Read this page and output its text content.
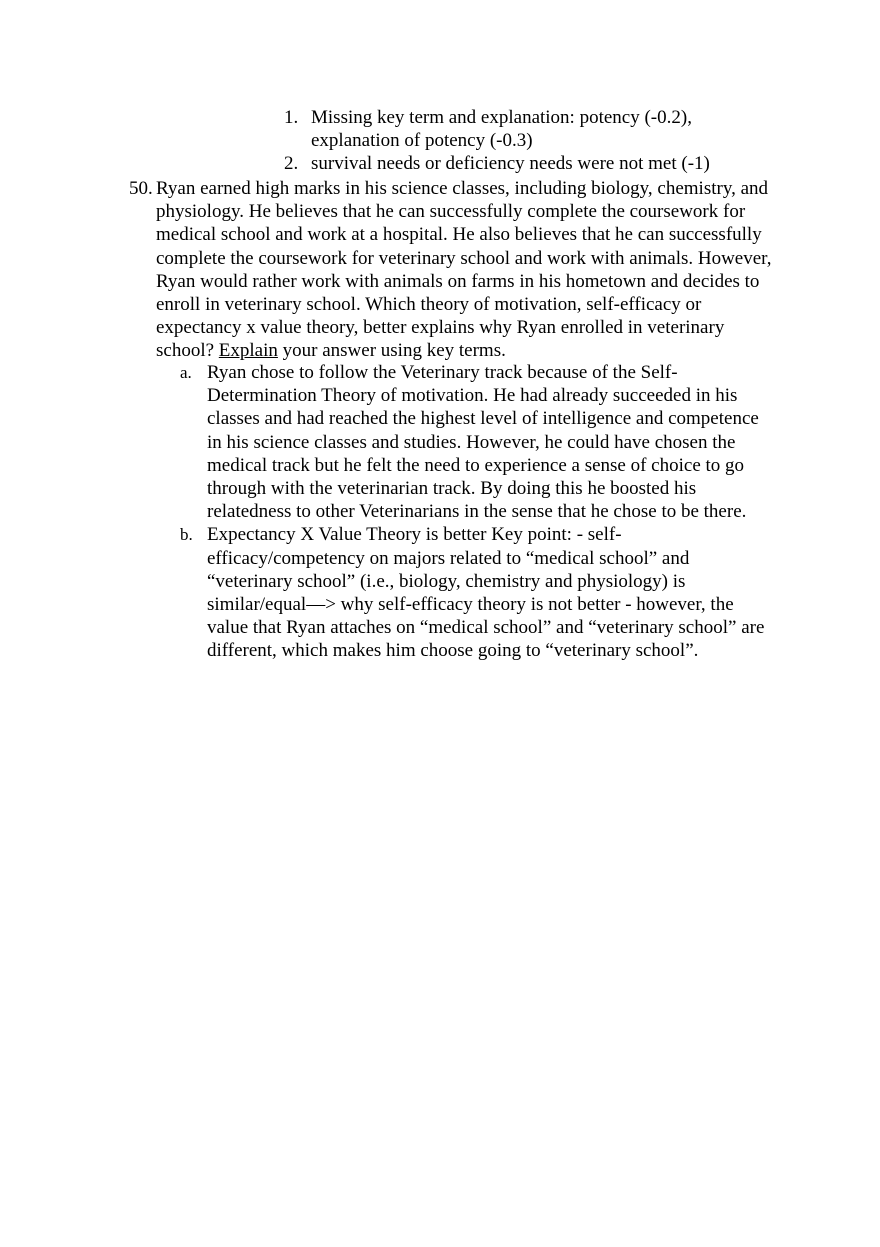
1. Missing key term and explanation: potency (-0.2), explanation of potency (-0.3)
2. survival needs or deficiency needs were not met (-1)
50. Ryan earned high marks in his science classes, including biology, chemistry, and physiology. He believes that he can successfully complete the coursework for medical school and work at a hospital. He also believes that he can successfully complete the coursework for veterinary school and work with animals. However, Ryan would rather work with animals on farms in his hometown and decides to enroll in veterinary school. Which theory of motivation, self-efficacy or expectancy x value theory, better explains why Ryan enrolled in veterinary school? Explain your answer using key terms.
a. Ryan chose to follow the Veterinary track because of the Self-Determination Theory of motivation. He had already succeeded in his classes and had reached the highest level of intelligence and competence in his science classes and studies. However, he could have chosen the medical track but he felt the need to experience a sense of choice to go through with the veterinarian track. By doing this he boosted his relatedness to other Veterinarians in the sense that he chose to be there.
b. Expectancy X Value Theory is better Key point: - self-efficacy/competency on majors related to “medical school” and “veterinary school” (i.e., biology, chemistry and physiology) is similar/equal—> why self-efficacy theory is not better - however, the value that Ryan attaches on “medical school” and “veterinary school” are different, which makes him choose going to “veterinary school”.
